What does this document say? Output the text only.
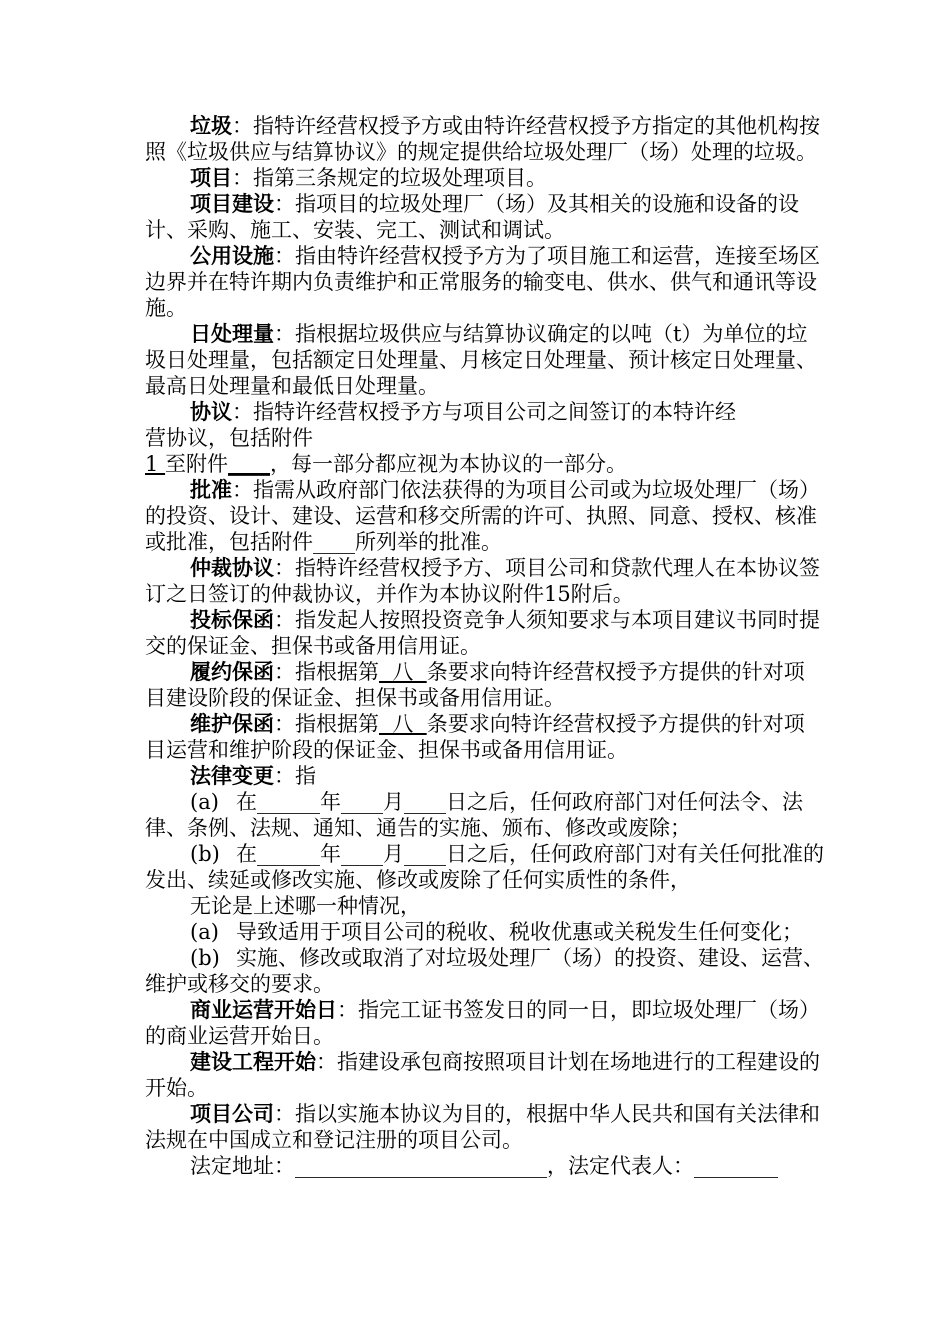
垃圾：指特许经营权授予方或由特许经营权授予方指定的其他机构按照《垃圾供应与结算协议》的规定提供给垃圾处理厂（场）处理的垃圾。

项目：指第三条规定的垃圾处理项目。

项目建设：指项目的垃圾处理厂（场）及其相关的设施和设备的设计、采购、施工、安装、完工、测试和调试。

公用设施：指由特许经营权授予方为了项目施工和运营，连接至场区边界并在特许期内负责维护和正常服务的输变电、供水、供气和通讯等设施。

日处理量：指根据垃圾供应与结算协议确定的以吨（t）为单位的垃圾日处理量，包括额定日处理量、月核定日处理量、预计核定日处理量、最高日处理量和最低日处理量。

协议：指特许经营权授予方与项目公司之间签订的本特许经营协议，包括附件

1 至附件____，每一部分都应视为本协议的一部分。

批准：指需从政府部门依法获得的为项目公司或为垃圾处理厂（场）的投资、设计、建设、运营和移交所需的许可、执照、同意、授权、核准或批准，包括附件____所列举的批准。

仲裁协议：指特许经营权授予方、项目公司和贷款代理人在本协议签订之日签订的仲裁协议，并作为本协议附件15附后。

投标保函：指发起人按照投资竞争人须知要求与本项目建议书同时提交的保证金、担保书或备用信用证。

履约保函：指根据第  八  条要求向特许经营权授予方提供的针对项目建设阶段的保证金、担保书或备用信用证。

维护保函：指根据第  八  条要求向特许经营权授予方提供的针对项目运营和维护阶段的保证金、担保书或备用信用证。

法律变更：指

(a) 在______年____月____日之后，任何政府部门对任何法令、法律、条例、法规、通知、通告的实施、颁布、修改或废除；

(b) 在______年____月____日之后，任何政府部门对有关任何批准的发出、续延或修改实施、修改或废除了任何实质性的条件，

无论是上述哪一种情况，

(a) 导致适用于项目公司的税收、税收优惠或关税发生任何变化；

(b) 实施、修改或取消了对垃圾处理厂（场）的投资、建设、运营、维护或移交的要求。

商业运营开始日：指完工证书签发日的同一日，即垃圾处理厂（场）的商业运营开始日。

建设工程开始：指建设承包商按照项目计划在场地进行的工程建设的开始。

项目公司：指以实施本协议为目的，根据中华人民共和国有关法律和法规在中国成立和登记注册的项目公司。

法定地址：________________________，法定代表人：________
